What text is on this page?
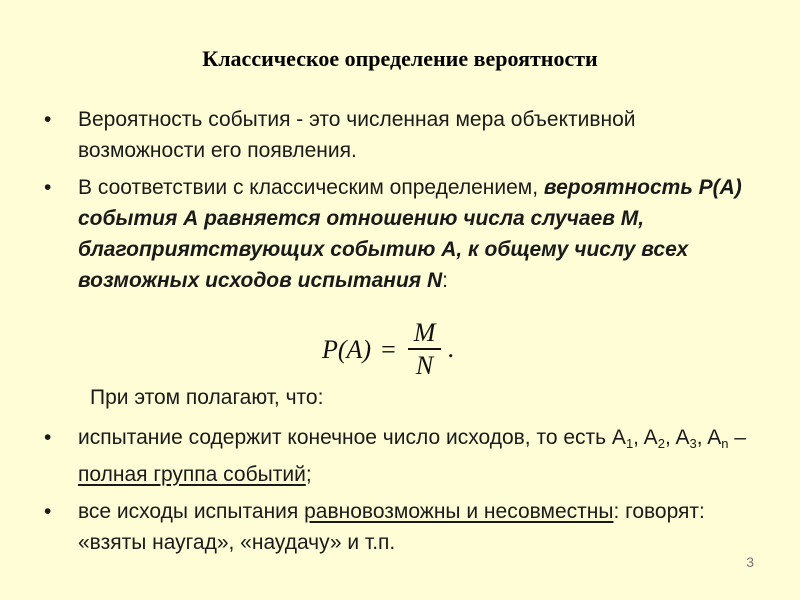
Классическое определение вероятности
• Вероятность события - это численная мера объективной возможности его появления.
• В соответствии с классическим определением, вероятность P(A) события А равняется отношению числа случаев M, благоприятствующих событию А, к общему числу всех возможных исходов испытания N:
$P(A) = \frac{M}{N}$ .
При этом полагают, что:
• испытание содержит конечное число исходов, то есть $A_1$, $A_2$, $A_3$, $A_n$ – полная группа событий;
• все исходы испытания равновозможны и несовместны: говорят: «взяты наугад», «наудачу» и т.п.
3
